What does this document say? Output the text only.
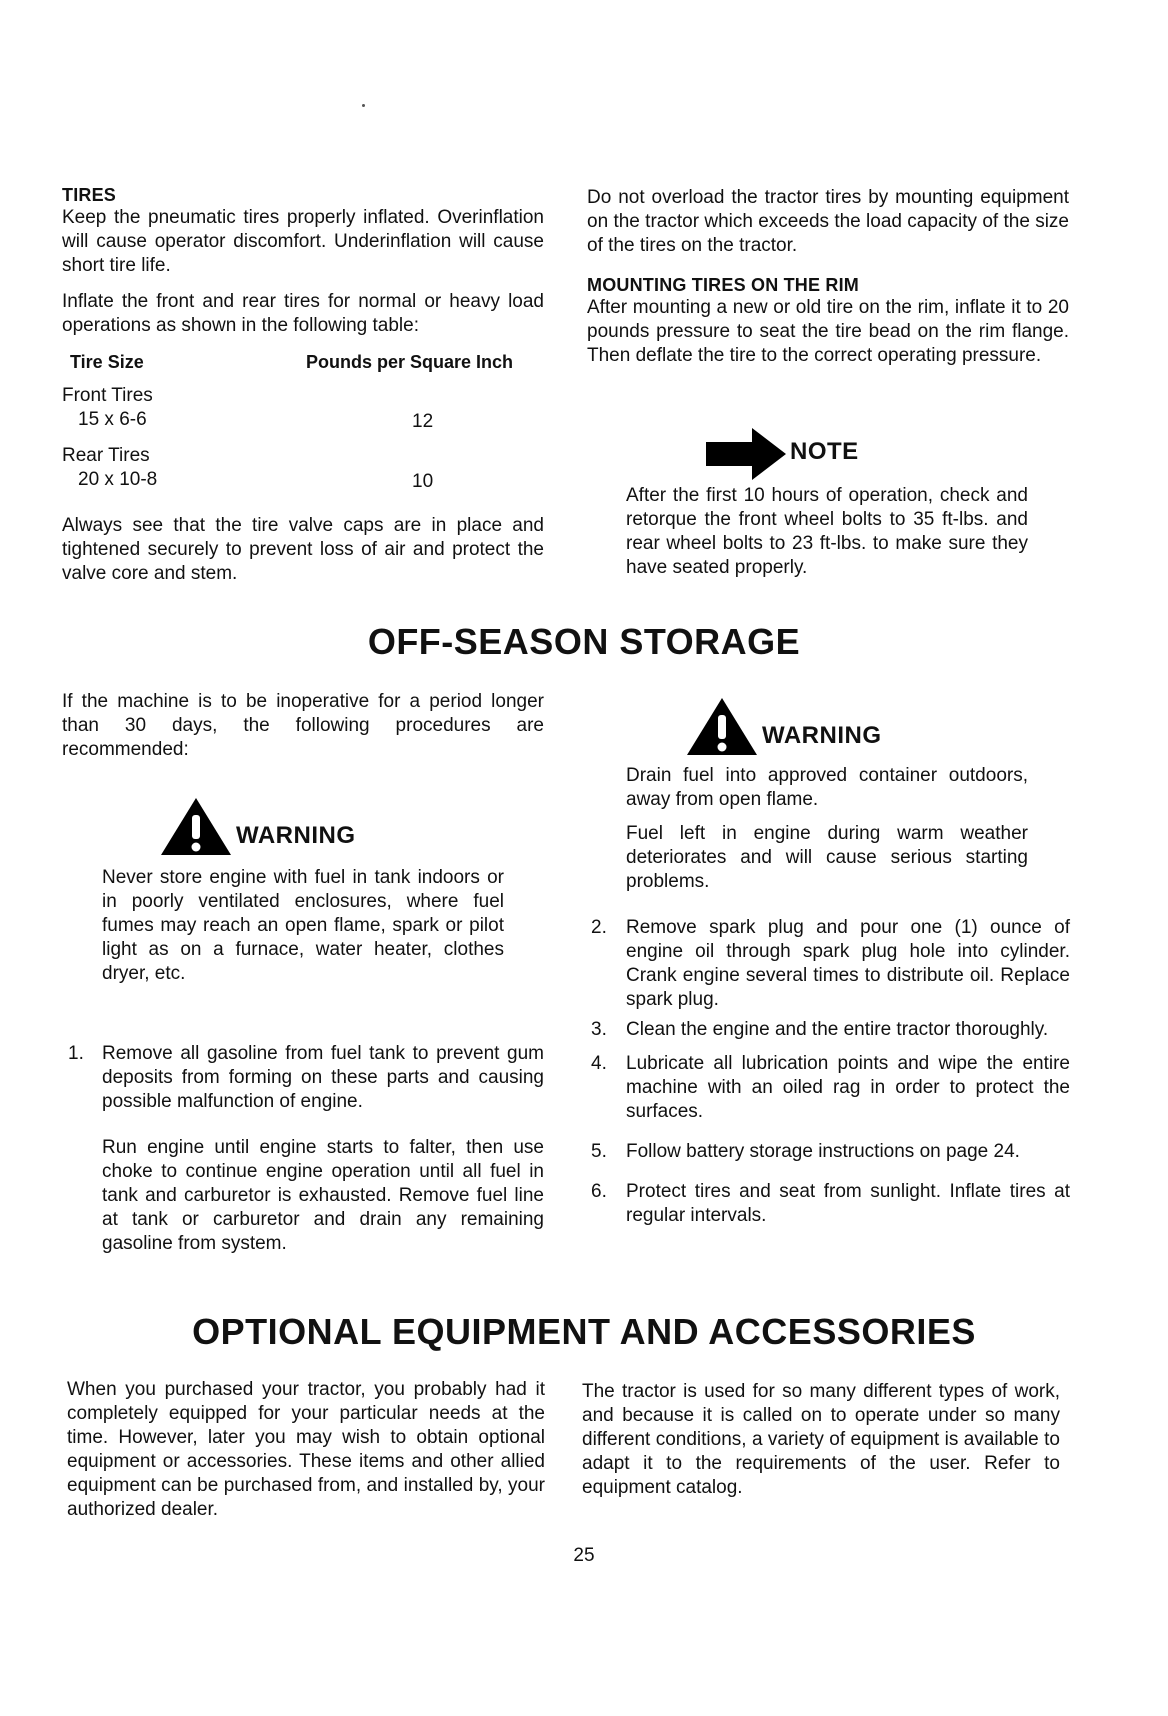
TIRES
Keep the pneumatic tires properly inflated. Overinflation will cause operator discomfort. Underinflation will cause short tire life.
Inflate the front and rear tires for normal or heavy load operations as shown in the following table:
Tire Size	Pounds per Square Inch
Front Tires
15 x 6-6	12
Rear Tires
20 x 10-8	10
Always see that the tire valve caps are in place and tightened securely to prevent loss of air and protect the valve core and stem.
Do not overload the tractor tires by mounting equipment on the tractor which exceeds the load capacity of the size of the tires on the tractor.
MOUNTING TIRES ON THE RIM
After mounting a new or old tire on the rim, inflate it to 20 pounds pressure to seat the tire bead on the rim flange. Then deflate the tire to the correct operating pressure.
NOTE
After the first 10 hours of operation, check and retorque the front wheel bolts to 35 ft-lbs. and rear wheel bolts to 23 ft-lbs. to make sure they have seated properly.
OFF-SEASON STORAGE
If the machine is to be inoperative for a period longer than 30 days, the following procedures are recommended:
WARNING
Never store engine with fuel in tank indoors or in poorly ventilated enclosures, where fuel fumes may reach an open flame, spark or pilot light as on a furnace, water heater, clothes dryer, etc.
1. Remove all gasoline from fuel tank to prevent gum deposits from forming on these parts and causing possible malfunction of engine.
Run engine until engine starts to falter, then use choke to continue engine operation until all fuel in tank and carburetor is exhausted. Remove fuel line at tank or carburetor and drain any remaining gasoline from system.
WARNING
Drain fuel into approved container outdoors, away from open flame.
Fuel left in engine during warm weather deteriorates and will cause serious starting problems.
2. Remove spark plug and pour one (1) ounce of engine oil through spark plug hole into cylinder. Crank engine several times to distribute oil. Replace spark plug.
3. Clean the engine and the entire tractor thoroughly.
4. Lubricate all lubrication points and wipe the entire machine with an oiled rag in order to protect the surfaces.
5. Follow battery storage instructions on page 24.
6. Protect tires and seat from sunlight. Inflate tires at regular intervals.
OPTIONAL EQUIPMENT AND ACCESSORIES
When you purchased your tractor, you probably had it completely equipped for your particular needs at the time. However, later you may wish to obtain optional equipment or accessories. These items and other allied equipment can be purchased from, and installed by, your authorized dealer.
The tractor is used for so many different types of work, and because it is called on to operate under so many different conditions, a variety of equipment is available to adapt it to the requirements of the user. Refer to equipment catalog.
25
